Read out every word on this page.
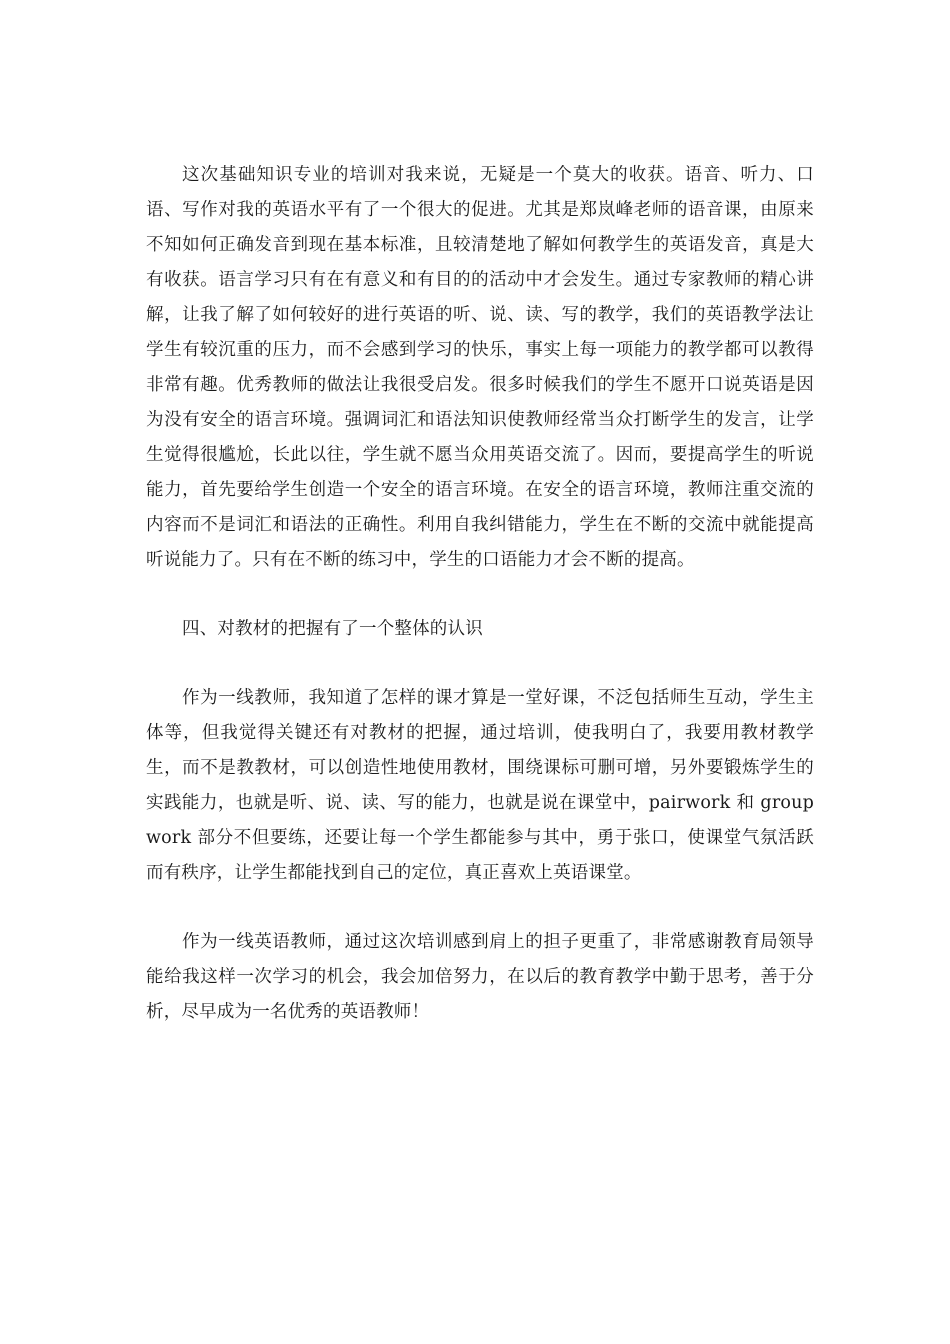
这次基础知识专业的培训对我来说，无疑是一个莫大的收获。语音、听力、口语、写作对我的英语水平有了一个很大的促进。尤其是郑岚峰老师的语音课，由原来不知如何正确发音到现在基本标准，且较清楚地了解如何教学生的英语发音，真是大有收获。语言学习只有在有意义和有目的的活动中才会发生。通过专家教师的精心讲解，让我了解了如何较好的进行英语的听、说、读、写的教学，我们的英语教学法让学生有较沉重的压力，而不会感到学习的快乐，事实上每一项能力的教学都可以教得非常有趣。优秀教师的做法让我很受启发。很多时候我们的学生不愿开口说英语是因为没有安全的语言环境。强调词汇和语法知识使教师经常当众打断学生的发言，让学生觉得很尴尬，长此以往，学生就不愿当众用英语交流了。因而，要提高学生的听说能力，首先要给学生创造一个安全的语言环境。在安全的语言环境，教师注重交流的内容而不是词汇和语法的正确性。利用自我纠错能力，学生在不断的交流中就能提高听说能力了。只有在不断的练习中，学生的口语能力才会不断的提高。

四、对教材的把握有了一个整体的认识

作为一线教师，我知道了怎样的课才算是一堂好课，不泛包括师生互动，学生主体等，但我觉得关键还有对教材的把握，通过培训，使我明白了，我要用教材教学生，而不是教教材，可以创造性地使用教材，围绕课标可删可增，另外要锻炼学生的实践能力，也就是听、说、读、写的能力，也就是说在课堂中，pairwork 和 groupwork 部分不但要练，还要让每一个学生都能参与其中，勇于张口，使课堂气氛活跃而有秩序，让学生都能找到自己的定位，真正喜欢上英语课堂。

作为一线英语教师，通过这次培训感到肩上的担子更重了，非常感谢教育局领导能给我这样一次学习的机会，我会加倍努力，在以后的教育教学中勤于思考，善于分析，尽早成为一名优秀的英语教师！
